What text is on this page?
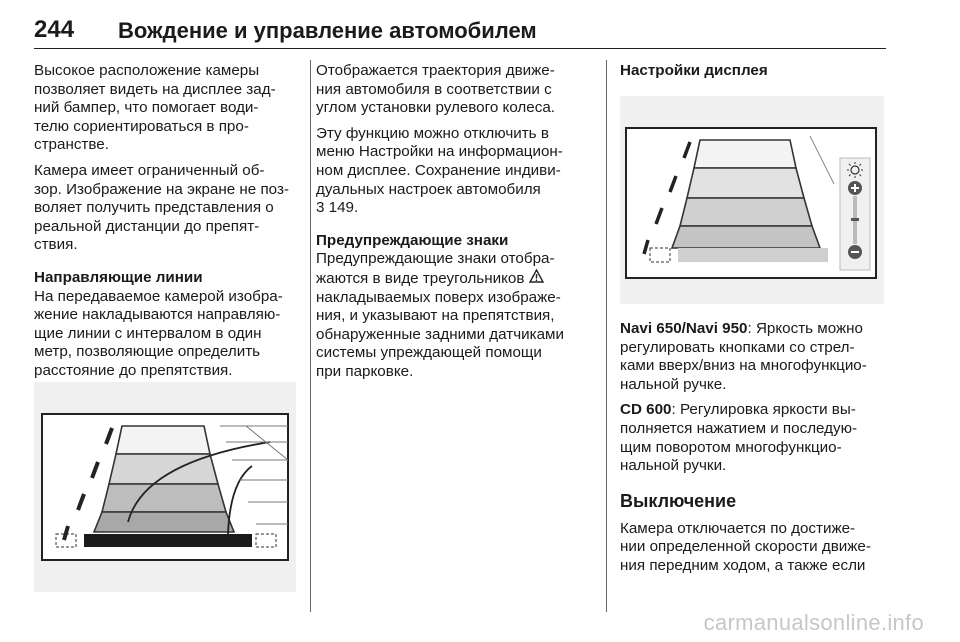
244 Вождение и управление автомобилем

Высокое расположение камеры
позволяет видеть на дисплее зад-
ний бампер, что помогает води-
телю сориентироваться в про-
странстве.

Камера имеет ограниченный об-
зор. Изображение на экране не поз-
воляет получить представления о
реальной дистанции до препят-
ствия.

Направляющие линии

На передаваемое камерой изобра-
жение накладываются направляю-
щие линии с интервалом в один
метр, позволяющие определить
расстояние до препятствия.

Отображается траектория движе-
ния автомобиля в соответствии с
углом установки рулевого колеса.

Эту функцию можно отключить в
меню Настройки на информацион-
ном дисплее. Сохранение индиви-
дуальных настроек автомобиля
3 149.

Предупреждающие знаки

Предупреждающие знаки отобра-
жаются в виде треугольников
накладываемых поверх изображе-
ния, и указывают на препятствия,
обнаруженные задними датчиками
системы упреждающей помощи
при парковке.

Настройки дисплея

Navi 650/Navi 950: Яркость можно
регулировать кнопками со стрел-
ками вверх/вниз на многофункцио-
нальной ручке.

CD 600: Регулировка яркости вы-
полняется нажатием и последую-
щим поворотом многофункцио-
нальной ручки.

Выключение

Камера отключается по достиже-
нии определенной скорости движе-
ния передним ходом, а также если

carmanualsonline.info
